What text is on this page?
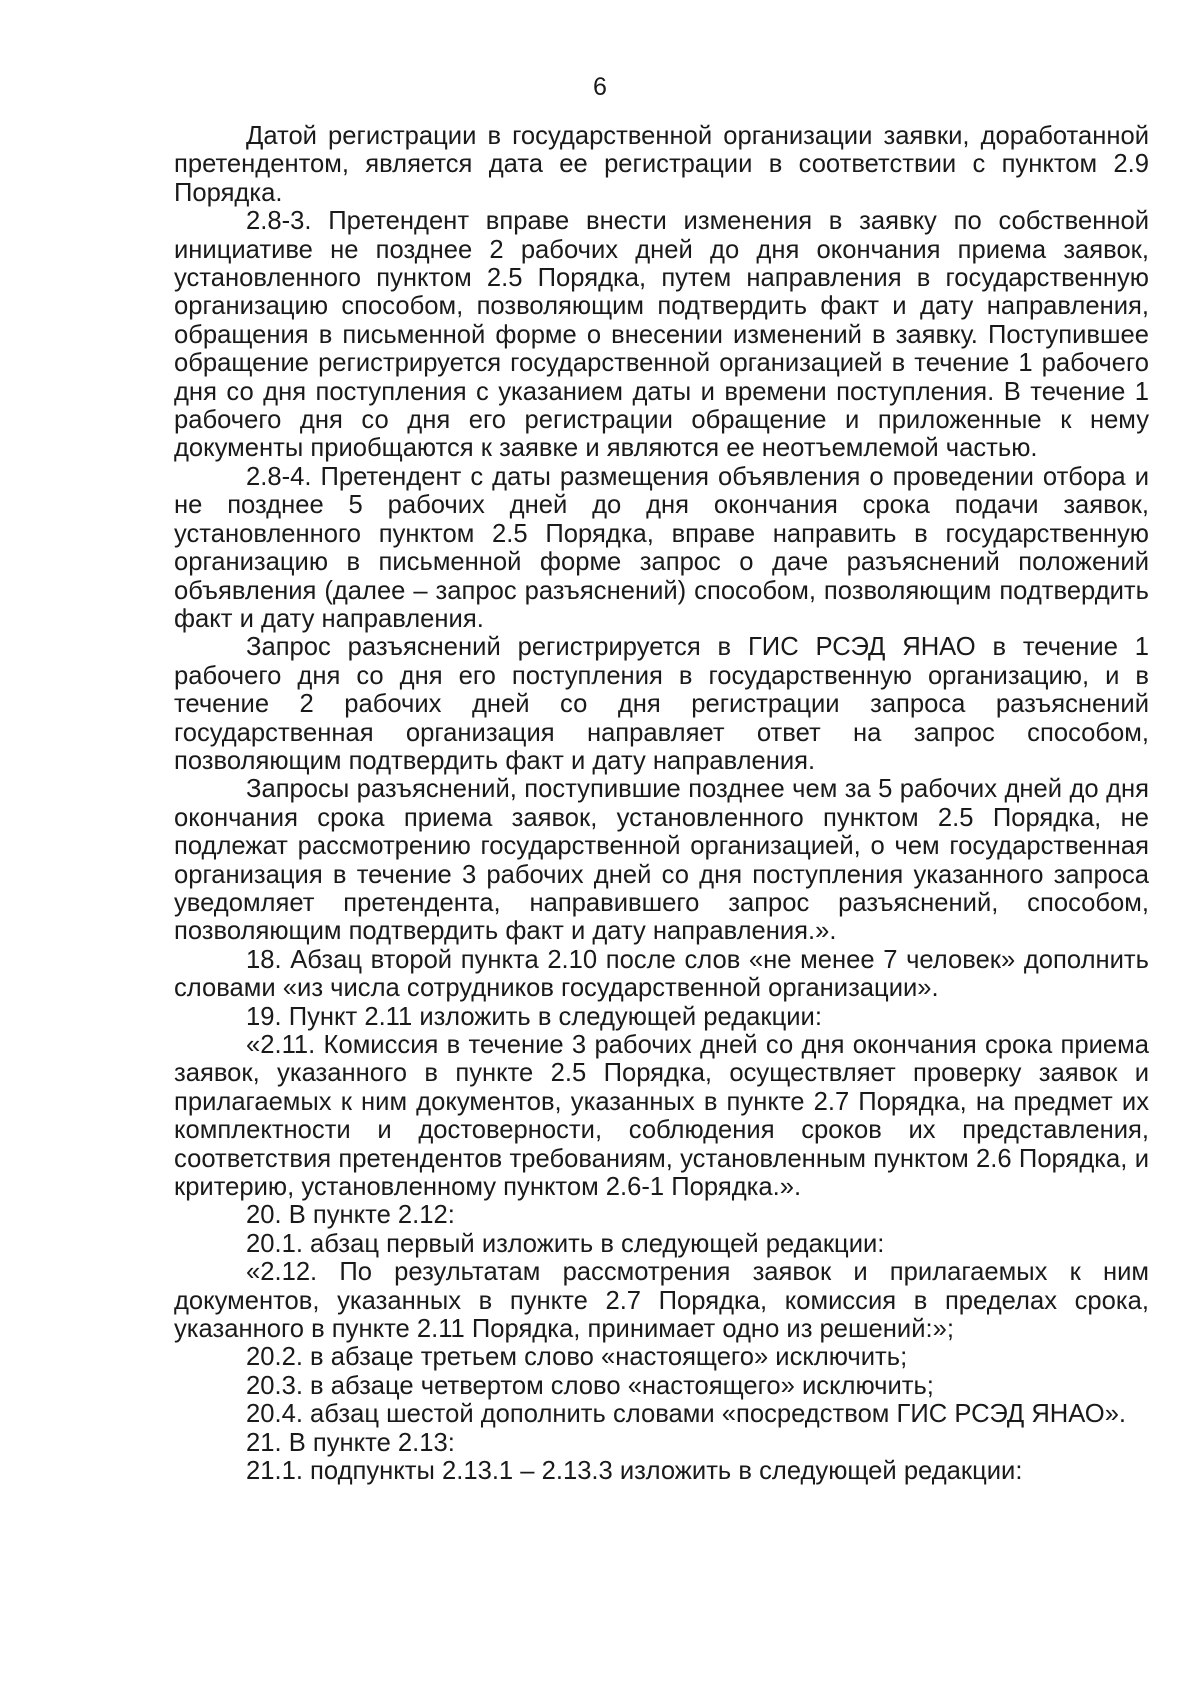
6

Датой регистрации в государственной организации заявки, доработанной претендентом, является дата ее регистрации в соответствии с пунктом 2.9 Порядка.

2.8-3. Претендент вправе внести изменения в заявку по собственной инициативе не позднее 2 рабочих дней до дня окончания приема заявок, установленного пунктом 2.5 Порядка, путем направления в государственную организацию способом, позволяющим подтвердить факт и дату направления, обращения в письменной форме о внесении изменений в заявку. Поступившее обращение регистрируется государственной организацией в течение 1 рабочего дня со дня поступления с указанием даты и времени поступления. В течение 1 рабочего дня со дня его регистрации обращение и приложенные к нему документы приобщаются к заявке и являются ее неотъемлемой частью.

2.8-4. Претендент с даты размещения объявления о проведении отбора и не позднее 5 рабочих дней до дня окончания срока подачи заявок, установленного пунктом 2.5 Порядка, вправе направить в государственную организацию в письменной форме запрос о даче разъяснений положений объявления (далее – запрос разъяснений) способом, позволяющим подтвердить факт и дату направления.

Запрос разъяснений регистрируется в ГИС РСЭД ЯНАО в течение 1 рабочего дня со дня его поступления в государственную организацию, и в течение 2 рабочих дней со дня регистрации запроса разъяснений государственная организация направляет ответ на запрос способом, позволяющим подтвердить факт и дату направления.

Запросы разъяснений, поступившие позднее чем за 5 рабочих дней до дня окончания срока приема заявок, установленного пунктом 2.5 Порядка, не подлежат рассмотрению государственной организацией, о чем государственная организация в течение 3 рабочих дней со дня поступления указанного запроса уведомляет претендента, направившего запрос разъяснений, способом, позволяющим подтвердить факт и дату направления.».

18. Абзац второй пункта 2.10 после слов «не менее 7 человек» дополнить словами «из числа сотрудников государственной организации».

19. Пункт 2.11 изложить в следующей редакции:

«2.11. Комиссия в течение 3 рабочих дней со дня окончания срока приема заявок, указанного в пункте 2.5 Порядка, осуществляет проверку заявок и прилагаемых к ним документов, указанных в пункте 2.7 Порядка, на предмет их комплектности и достоверности, соблюдения сроков их представления, соответствия претендентов требованиям, установленным пунктом 2.6 Порядка, и критерию, установленному пунктом 2.6-1 Порядка.».

20. В пункте 2.12:

20.1. абзац первый изложить в следующей редакции:

«2.12. По результатам рассмотрения заявок и прилагаемых к ним документов, указанных в пункте 2.7 Порядка, комиссия в пределах срока, указанного в пункте 2.11 Порядка, принимает одно из решений:»;

20.2. в абзаце третьем слово «настоящего» исключить;

20.3. в абзаце четвертом слово «настоящего» исключить;

20.4. абзац шестой дополнить словами «посредством ГИС РСЭД ЯНАО».

21. В пункте 2.13:

21.1. подпункты 2.13.1 – 2.13.3 изложить в следующей редакции:
